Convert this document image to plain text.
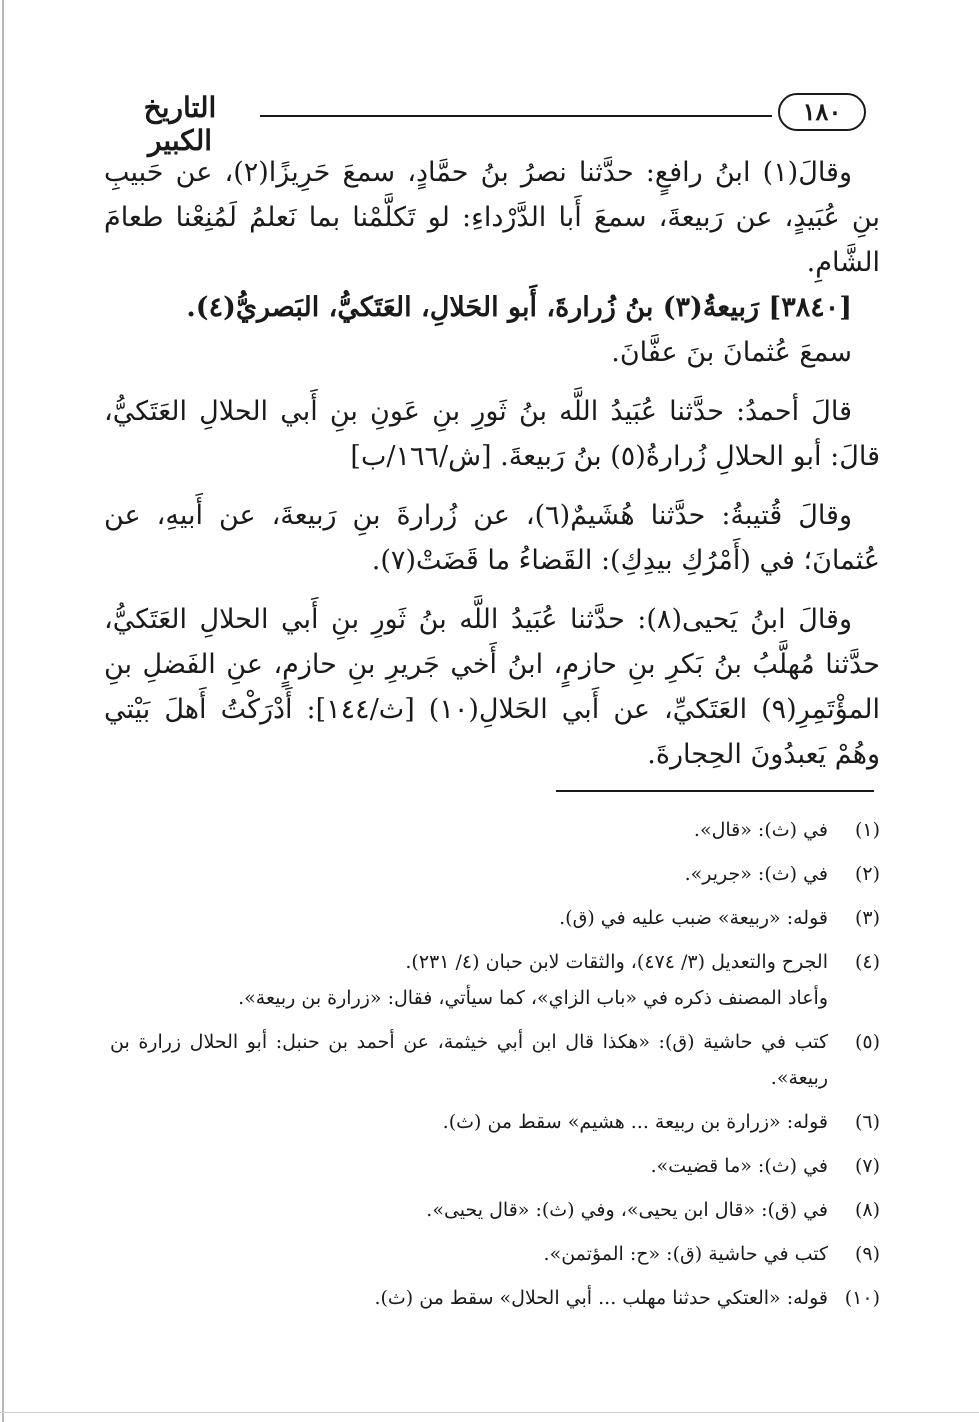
التاريخ الكبير
١٨٠

وقالَ(١) ابنُ رافعٍ: حدَّثنا نصرُ بنُ حمَّادٍ، سمعَ حَرِيزًا(٢)، عن حَبيبِ بنِ عُبَيدٍ، عن رَبيعةَ، سمعَ أَبا الدَّرْداءِ: لو تَكلَّمْنا بما نَعلمُ لَمُنِعْنا طعامَ الشَّامِ.

[٣٨٤٠] رَبيعةُ(٣) بنُ زُرارةَ، أَبو الحَلالِ، العَتَكيُّ، البَصريُّ(٤).

سمعَ عُثمانَ بنَ عفَّانَ.

قالَ أحمدُ: حدَّثنا عُبَيدُ اللَّه بنُ ثَورِ بنِ عَونِ بنِ أَبي الحلالِ العَتَكيُّ، قالَ: أبو الحلالِ زُرارةُ(٥) بنُ رَبيعةَ. [ش/١٦٦/ب]

وقالَ قُتيبةُ: حدَّثنا هُشَيمٌ(٦)، عن زُرارةَ بنِ رَبيعةَ، عن أَبيهِ، عن عُثمانَ؛ في (أَمْرُكِ بيدِكِ): القَضاءُ ما قَضَتْ(٧).

وقالَ ابنُ يَحيى(٨): حدَّثنا عُبَيدُ اللَّه بنُ ثَورِ بنِ أَبي الحلالِ العَتَكيُّ، حدَّثنا مُهلَّبُ بنُ بَكرِ بنِ حازمٍ، ابنُ أَخي جَريرِ بنِ حازمٍ، عنِ الفَضلِ بنِ المؤْتَمِرِ(٩) العَتَكيِّ، عن أَبي الحَلالِ(١٠) [ث/١٤٤]: أَدْرَكْتُ أَهلَ بَيْتي وهُمْ يَعبدُونَ الحِجارةَ.

(١)
في (ث): «قال».
(٢)
في (ث): «جرير».
(٣)
قوله: «ربيعة» ضبب عليه في (ق).
(٤)
الجرح والتعديل (٣/ ٤٧٤)، والثقات لابن حبان (٤/ ٢٣١).
وأعاد المصنف ذكره في «باب الزاي»، كما سيأتي، فقال: «زرارة بن ربيعة».
(٥)
كتب في حاشية (ق): «هكذا قال ابن أبي خيثمة، عن أحمد بن حنبل: أبو الحلال زرارة بن ربيعة».
(٦)
قوله: «زرارة بن ربيعة ... هشيم» سقط من (ث).
(٧)
في (ث): «ما قضيت».
(٨)
في (ق): «قال ابن يحيى»، وفي (ث): «قال يحيى».
(٩)
كتب في حاشية (ق): «ح: المؤتمن».
(١٠)
قوله: «العتكي حدثنا مهلب ... أبي الحلال» سقط من (ث).
